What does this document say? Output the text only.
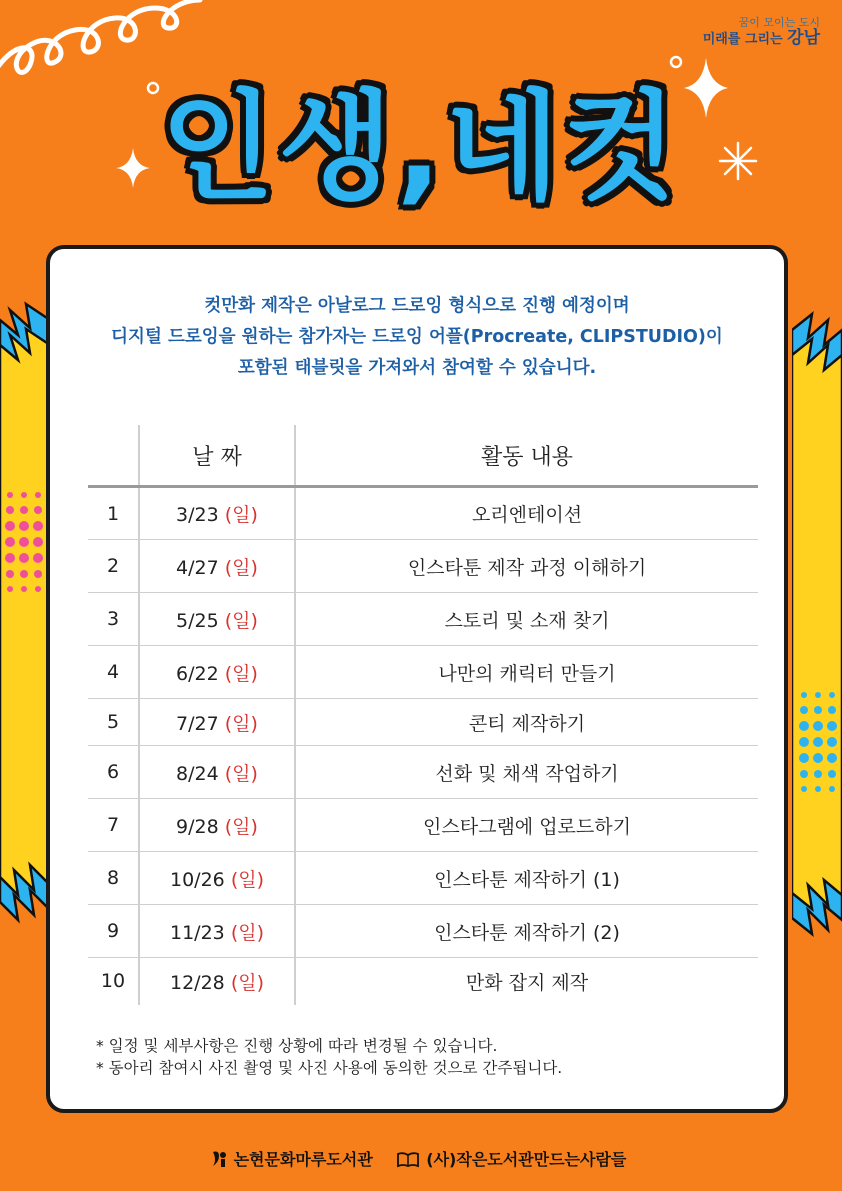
꿈이 모이는 도시
미래를 그리는 강남
인생,네컷
컷만화 제작은 아날로그 드로잉 형식으로 진행 예정이며
디지털 드로잉을 원하는 참가자는 드로잉 어플(Procreate, CLIPSTUDIO)이
포함된 태블릿을 가져와서 참여할 수 있습니다.
	날 짜	활동 내용
1	3/23 (일)	오리엔테이션
2	4/27 (일)	인스타툰 제작 과정 이해하기
3	5/25 (일)	스토리 및 소재 찾기
4	6/22 (일)	나만의 캐릭터 만들기
5	7/27 (일)	콘티 제작하기
6	8/24 (일)	선화 및 채색 작업하기
7	9/28 (일)	인스타그램에 업로드하기
8	10/26 (일)	인스타툰 제작하기 (1)
9	11/23 (일)	인스타툰 제작하기 (2)
10	12/28 (일)	만화 잡지 제작
* 일정 및 세부사항은 진행 상황에 따라 변경될 수 있습니다.
* 동아리 참여시 사진 촬영 및 사진 사용에 동의한 것으로 간주됩니다.
논현문화마루도서관	(사)작은도서관만드는사람들
